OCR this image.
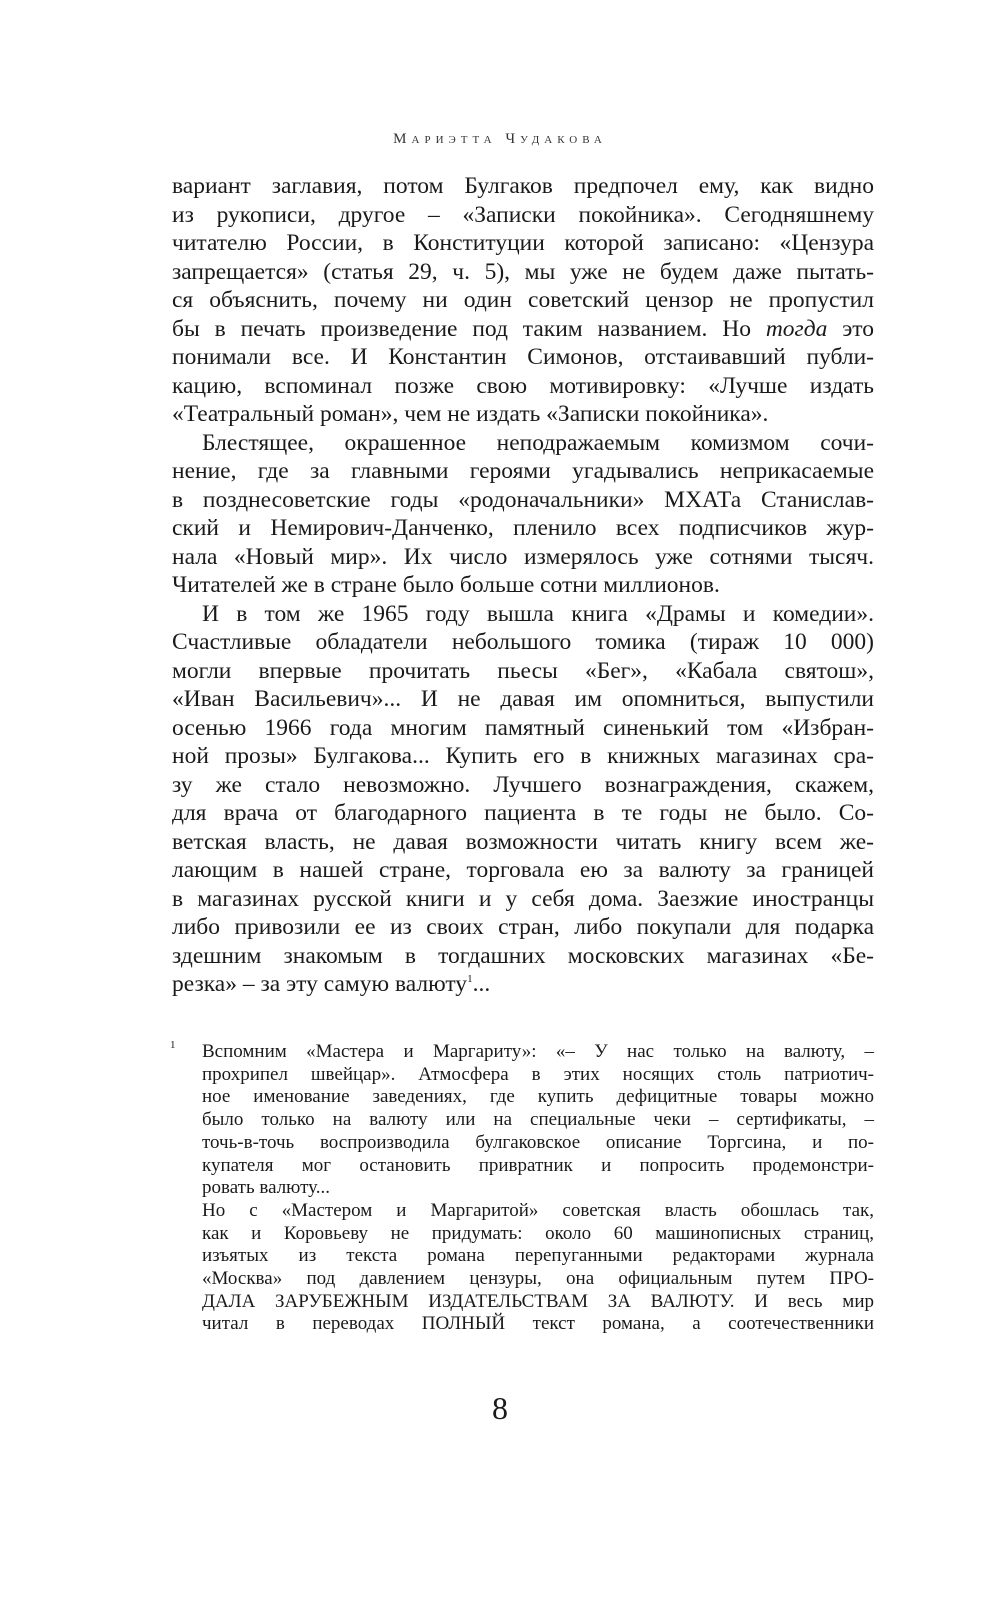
Мариэтта Чудакова
вариант заглавия, потом Булгаков предпочел ему, как видно
из рукописи, другое – «Записки покойника». Сегодняшнему
читателю России, в Конституции которой записано: «Цензура
запрещается» (статья 29, ч. 5), мы уже не будем даже пытать-
ся объяснить, почему ни один советский цензор не пропустил
бы в печать произведение под таким названием. Но тогда это
понимали все. И Константин Симонов, отстаивавший публи-
кацию, вспоминал позже свою мотивировку: «Лучше издать
«Театральный роман», чем не издать «Записки покойника».
Блестящее, окрашенное неподражаемым комизмом сочи-
нение, где за главными героями угадывались неприкасаемые
в позднесоветские годы «родоначальники» МХАТа Станислав-
ский и Немирович-Данченко, пленило всех подписчиков жур-
нала «Новый мир». Их число измерялось уже сотнями тысяч.
Читателей же в стране было больше сотни миллионов.
И в том же 1965 году вышла книга «Драмы и комедии».
Счастливые обладатели небольшого томика (тираж 10 000)
могли впервые прочитать пьесы «Бег», «Кабала святош»,
«Иван Васильевич»... И не давая им опомниться, выпустили
осенью 1966 года многим памятный синенький том «Избран-
ной прозы» Булгакова... Купить его в книжных магазинах сра-
зу же стало невозможно. Лучшего вознаграждения, скажем,
для врача от благодарного пациента в те годы не было. Со-
ветская власть, не давая возможности читать книгу всем же-
лающим в нашей стране, торговала ею за валюту за границей
в магазинах русской книги и у себя дома. Заезжие иностранцы
либо привозили ее из своих стран, либо покупали для подарка
здешним знакомым в тогдашних московских магазинах «Бе-
резка» – за эту самую валюту$^1$...
1 Вспомним «Мастера и Маргариту»: «– У нас только на валюту, –
прохрипел швейцар». Атмосфера в этих носящих столь патриотич-
ное именование заведениях, где купить дефицитные товары можно
было только на валюту или на специальные чеки – сертификаты, –
точь-в-точь воспроизводила булгаковское описание Торгсина, и по-
купателя мог остановить привратник и попросить продемонстри-
ровать валюту...
Но с «Мастером и Маргаритой» советская власть обошлась так,
как и Коровьеву не придумать: около 60 машинописных страниц,
изъятых из текста романа перепуганными редакторами журнала
«Москва» под давлением цензуры, она официальным путем ПРО-
ДАЛА ЗАРУБЕЖНЫМ ИЗДАТЕЛЬСТВАМ ЗА ВАЛЮТУ. И весь мир
читал в переводах ПОЛНЫЙ текст романа, а соотечественники
8
